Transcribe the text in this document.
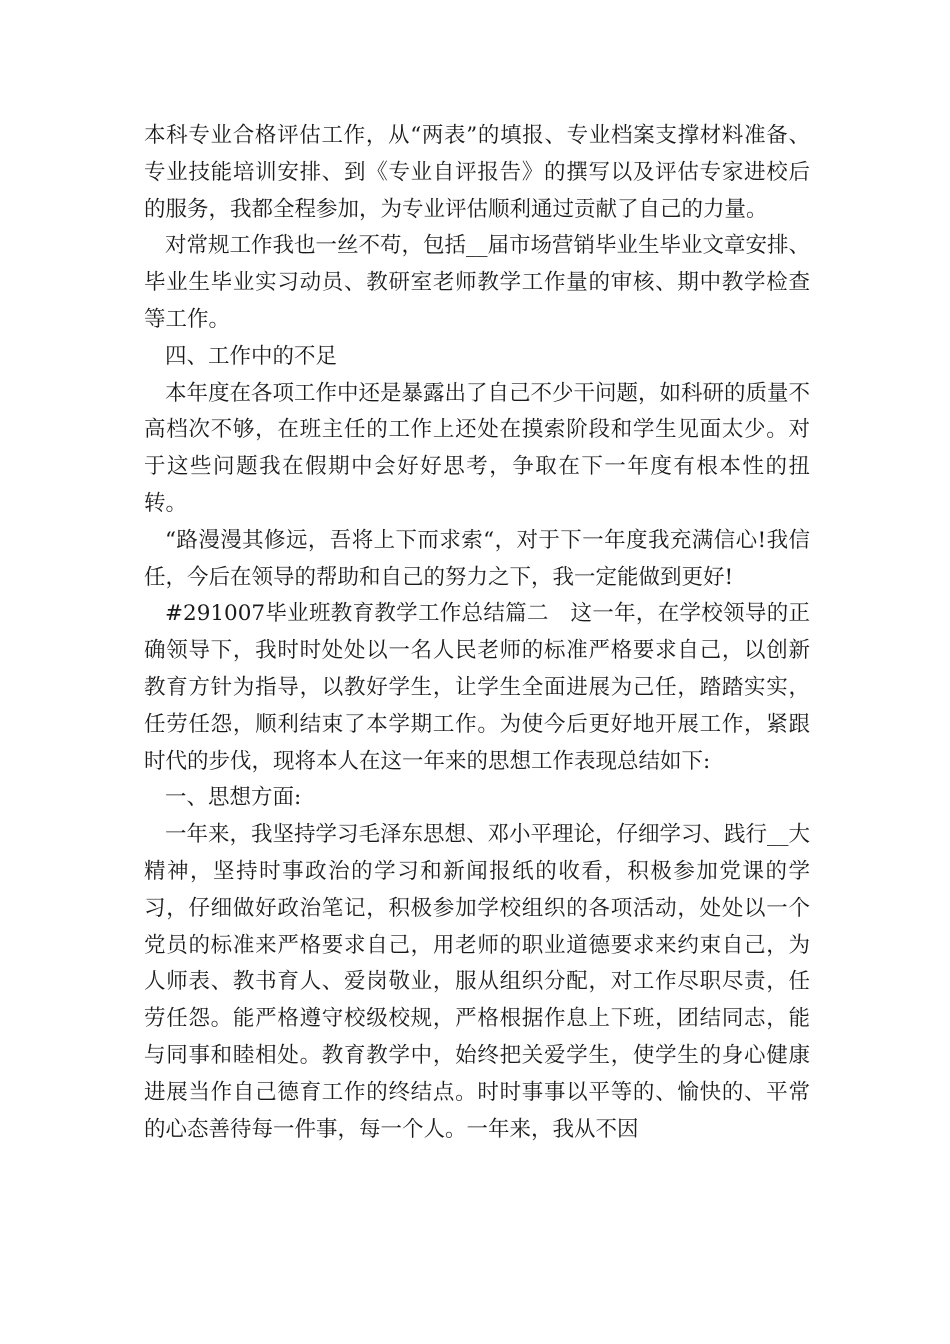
本科专业合格评估工作，从“两表”的填报、专业档案支撑材料准备、专业技能培训安排、到《专业自评报告》的撰写以及评估专家进校后的服务，我都全程参加，为专业评估顺利通过贡献了自己的力量。

对常规工作我也一丝不苟，包括__届市场营销毕业生毕业文章安排、毕业生毕业实习动员、教研室老师教学工作量的审核、期中教学检查等工作。

四、工作中的不足

本年度在各项工作中还是暴露出了自己不少干问题，如科研的质量不高档次不够，在班主任的工作上还处在摸索阶段和学生见面太少。对于这些问题我在假期中会好好思考，争取在下一年度有根本性的扭转。

“路漫漫其修远，吾将上下而求索“，对于下一年度我充满信心!我信任，今后在领导的帮助和自己的努力之下，我一定能做到更好!

#291007毕业班教育教学工作总结篇二　这一年，在学校领导的正确领导下，我时时处处以一名人民老师的标准严格要求自己，以创新教育方针为指导，以教好学生，让学生全面进展为己任，踏踏实实，任劳任怨，顺利结束了本学期工作。为使今后更好地开展工作，紧跟时代的步伐，现将本人在这一年来的思想工作表现总结如下:

一、思想方面:

一年来，我坚持学习毛泽东思想、邓小平理论，仔细学习、践行__大精神，坚持时事政治的学习和新闻报纸的收看，积极参加党课的学习，仔细做好政治笔记，积极参加学校组织的各项活动，处处以一个党员的标准来严格要求自己，用老师的职业道德要求来约束自己，为人师表、教书育人、爱岗敬业，服从组织分配，对工作尽职尽责，任劳任怨。能严格遵守校级校规，严格根据作息上下班，团结同志，能与同事和睦相处。教育教学中，始终把关爱学生，使学生的身心健康进展当作自己德育工作的终结点。时时事事以平等的、愉快的、平常的心态善待每一件事，每一个人。一年来，我从不因
